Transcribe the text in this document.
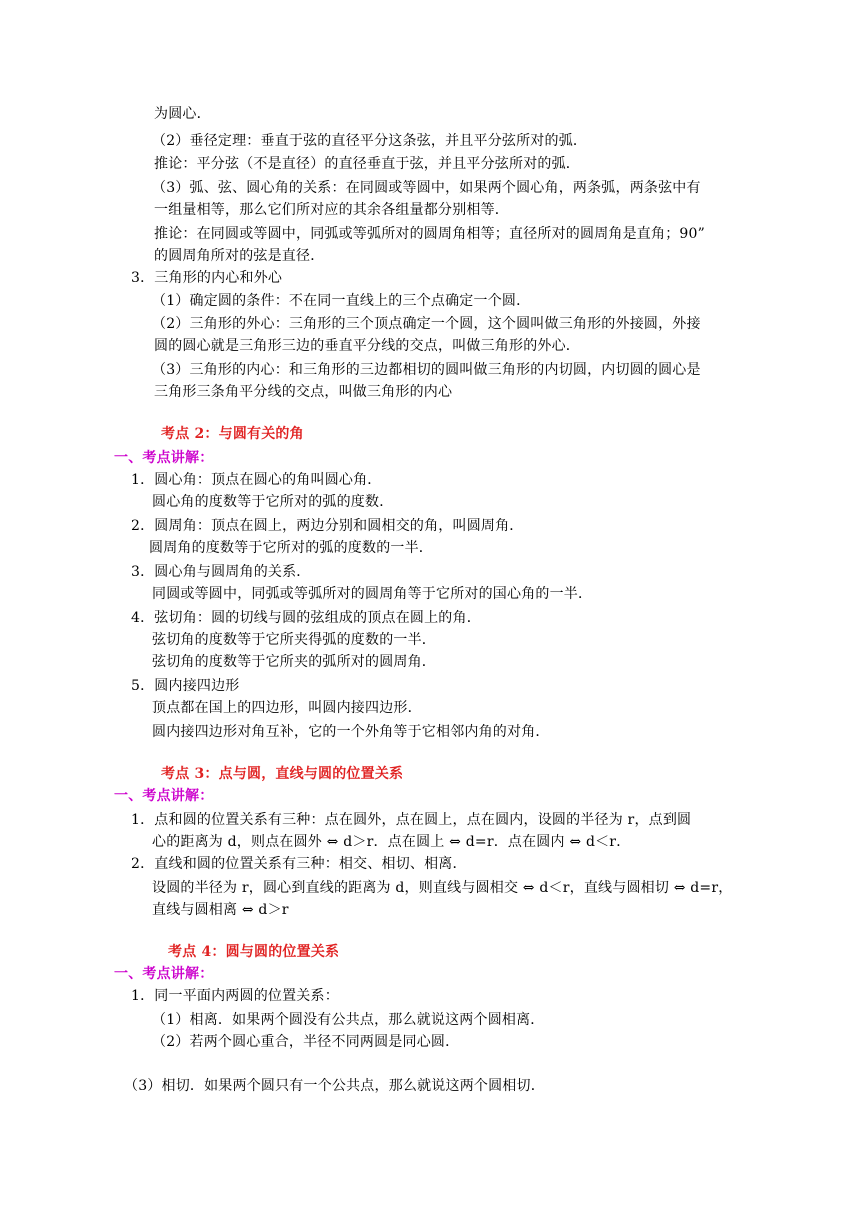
为圆心．
（2）垂径定理：垂直于弦的直径平分这条弦，并且平分弦所对的弧．
推论：平分弦（不是直径）的直径垂直于弦，并且平分弦所对的弧．
（3）弧、弦、圆心角的关系：在同圆或等圆中，如果两个圆心角，两条弧，两条弦中有
一组量相等，那么它们所对应的其余各组量都分别相等．
推论：在同圆或等圆中，同弧或等弧所对的圆周角相等；直径所对的圆周角是直角；90”
的圆周角所对的弦是直径．
3．三角形的内心和外心
（1）确定圆的条件：不在同一直线上的三个点确定一个圆．
（2）三角形的外心：三角形的三个顶点确定一个圆，这个圆叫做三角形的外接圆，外接
圆的圆心就是三角形三边的垂直平分线的交点，叫做三角形的外心．
（3）三角形的内心：和三角形的三边都相切的圆叫做三角形的内切圆，内切圆的圆心是
三角形三条角平分线的交点，叫做三角形的内心
考点 2：与圆有关的角
一、考点讲解：
1．圆心角：顶点在圆心的角叫圆心角．
圆心角的度数等于它所对的弧的度数．
2．圆周角：顶点在圆上，两边分别和圆相交的角，叫圆周角．
圆周角的度数等于它所对的弧的度数的一半．
3．圆心角与圆周角的关系．
同圆或等圆中，同弧或等弧所对的圆周角等于它所对的国心角的一半．
4．弦切角：圆的切线与圆的弦组成的顶点在圆上的角．
弦切角的度数等于它所夹得弧的度数的一半．
弦切角的度数等于它所夹的弧所对的圆周角．
5．圆内接四边形
顶点都在国上的四边形，叫圆内接四边形．
圆内接四边形对角互补，它的一个外角等于它相邻内角的对角．
考点 3：点与圆，直线与圆的位置关系
一、考点讲解：
1．点和圆的位置关系有三种：点在圆外，点在圆上，点在圆内，设圆的半径为 r，点到圆
心的距离为 d，则点在圆外 ⇔ d＞r．点在圆上 ⇔ d=r．点在圆内 ⇔ d＜r．
2．直线和圆的位置关系有三种：相交、相切、相离．
设圆的半径为 r，圆心到直线的距离为 d，则直线与圆相交 ⇔ d＜r，直线与圆相切 ⇔ d=r，
直线与圆相离 ⇔ d＞r
考点 4：圆与圆的位置关系
一、考点讲解：
1．同一平面内两圆的位置关系：
（1）相离．如果两个圆没有公共点，那么就说这两个圆相离．
（2）若两个圆心重合，半径不同两圆是同心圆．
（3）相切．如果两个圆只有一个公共点，那么就说这两个圆相切．
